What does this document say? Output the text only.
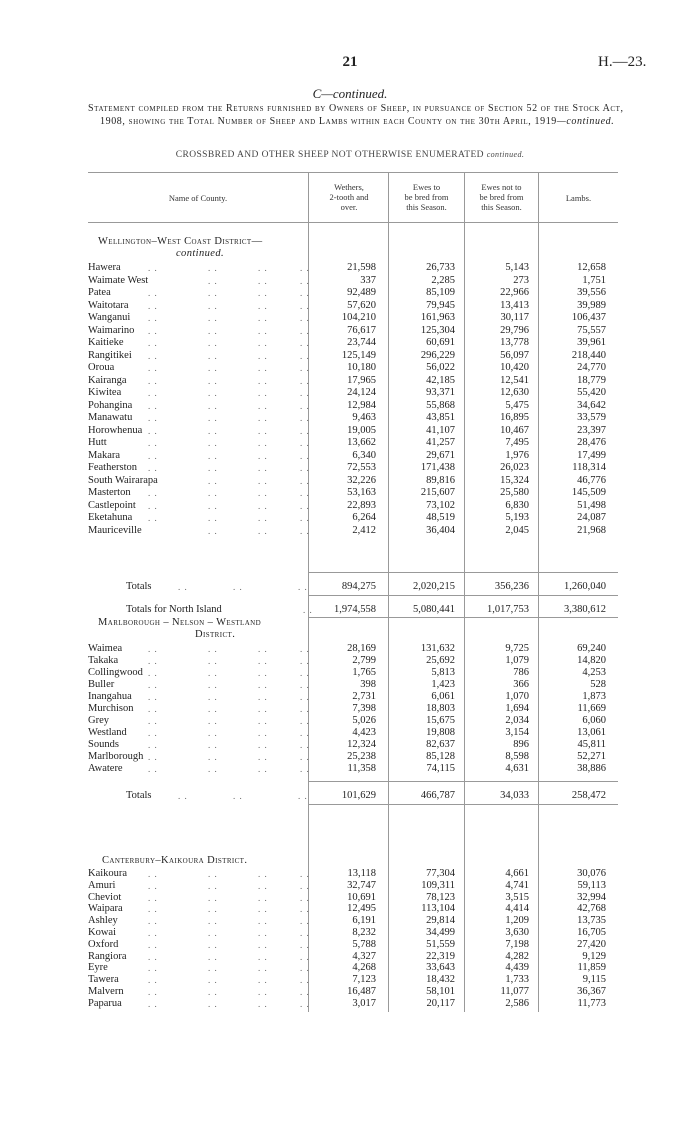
21	H.—23.
C—continued.
Statement compiled from the Returns furnished by Owners of Sheep, in pursuance of Section 52 of the Stock Act, 1908, showing the Total Number of Sheep and Lambs within each County on the 30th April, 1919—continued.
CROSSBRED AND OTHER SHEEP NOT OTHERWISE ENUMERATED continued.
Name of County.
Wethers,
2-tooth and
over.
Ewes to
be bred from
this Season.
Ewes not to
be bred from
this Season.
Lambs.
Wellington–West Coast District—
continued.
Hawera	. .	. .	. .	. .	21,598	26,733	5,143	12,658
Waimate West	. .	. .	. .	337	2,285	273	1,751
Patea	. .	. .	. .	. .	92,489	85,109	22,966	39,556
Waitotara . .	. .	. .	. .	57,620	79,945	13,413	39,989
Wanganui . .	. .	. .	. .	104,210	161,963	30,117	106,437
Waimarino . .	. .	. .	. .	76,617	125,304	29,796	75,557
Kaitieke	. .	. .	. .	. .	23,744	60,691	13,778	39,961
Rangitikei . .	. .	. .	. .	125,149	296,229	56,097	218,440
Oroua	. .	. .	. .	. .	10,180	56,022	10,420	24,770
Kairanga . .	. .	. .	. .	17,965	42,185	12,541	18,779
Kiwitea	. .	. .	. .	. .	24,124	93,371	12,630	55,420
Pohangina . .	. .	. .	. .	12,984	55,868	5,475	34,642
Manawatu . .	. .	. .	. .	9,463	43,851	16,895	33,579
Horowhenua . .	. .	. .	. .	19,005	41,107	10,467	23,397
Hutt	. .	. .	. .	. .	13,662	41,257	7,495	28,476
Makara	. .	. .	. .	. .	6,340	29,671	1,976	17,499
Featherston . .	. .	. .	. .	72,553	171,438	26,023	118,314
South Wairarapa	. .	. .	. .	32,226	89,816	15,324	46,776
Masterton . .	. .	. .	. .	53,163	215,607	25,580	145,509
Castlepoint . .	. .	. .	. .	22,893	73,102	6,830	51,498
Eketahuna . .	. .	. .	. .	6,264	48,519	5,193	24,087
Mauriceville	. .	. .	. .	2,412	36,404	2,045	21,968
Totals	. .	. .	. .	894,275	2,020,215	356,236	1,260,040
Totals for North Island	. .	1,974,558	5,080,441	1,017,753	3,380,612
Marlborough – Nelson – Westland
District.
Waimea	. .	. .	. .	. .	28,169	131,632	9,725	69,240
Takaka	. .	. .	. .	. .	2,799	25,692	1,079	14,820
Collingwood . .	. .	. .	. .	1,765	5,813	786	4,253
Buller	. .	. .	. .	. .	398	1,423	366	528
Inangahua . .	. .	. .	. .	2,731	6,061	1,070	1,873
Murchison . .	. .	. .	. .	7,398	18,803	1,694	11,669
Grey	. .	. .	. .	. .	5,026	15,675	2,034	6,060
Westland . .	. .	. .	. .	4,423	19,808	3,154	13,061
Sounds	. .	. .	. .	. .	12,324	82,637	896	45,811
Marlborough . .	. .	. .	. .	25,238	85,128	8,598	52,271
Awatere	. .	. .	. .	. .	11,358	74,115	4,631	38,886
Totals	. .	. .	. .	101,629	466,787	34,033	258,472
Canterbury–Kaikoura District.
Kaikoura . .	. .	. .	. .	13,118	77,304	4,661	30,076
Amuri	. .	. .	. .	. .	32,747	109,311	4,741	59,113
Cheviot	. .	. .	. .	. .	10,691	78,123	3,515	32,994
Waipara	. .	. .	. .	. .	12,495	113,104	4,414	42,768
Ashley	. .	. .	. .	. .	6,191	29,814	1,209	13,735
Kowai	. .	. .	. .	. .	8,232	34,499	3,630	16,705
Oxford	. .	. .	. .	. .	5,788	51,559	7,198	27,420
Rangiora . .	. .	. .	. .	4,327	22,319	4,282	9,129
Eyre	. .	. .	. .	. .	4,268	33,643	4,439	11,859
Tawera	. .	. .	. .	. .	7,123	18,432	1,733	9,115
Malvern	. .	. .	. .	. .	16,487	58,101	11,077	36,367
Paparua	. .	. .	. .	. .	3,017	20,117	2,586	11,773
